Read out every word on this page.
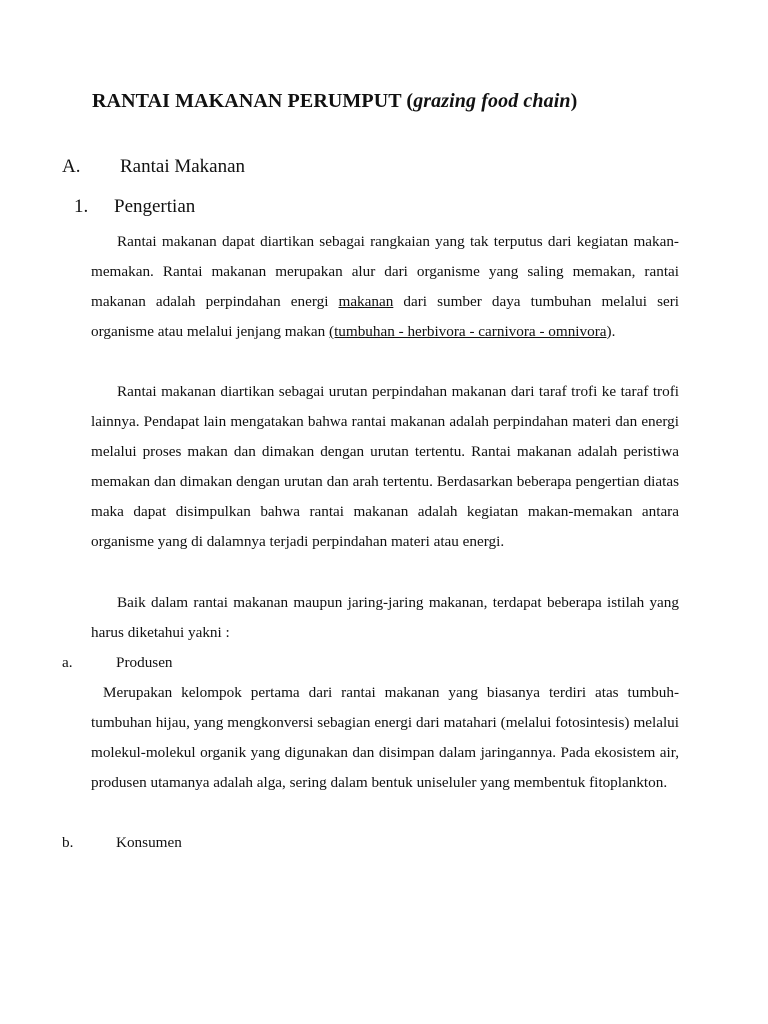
RANTAI MAKANAN PERUMPUT (grazing food chain)
A. Rantai Makanan
1. Pengertian

Rantai makanan dapat diartikan sebagai rangkaian yang tak terputus dari kegiatan makan-memakan. Rantai makanan merupakan alur dari organisme yang saling memakan, rantai makanan adalah perpindahan energi makanan dari sumber daya tumbuhan melalui seri organisme atau melalui jenjang makan (tumbuhan - herbivora - carnivora - omnivora).

Rantai makanan diartikan sebagai urutan perpindahan makanan dari taraf trofi ke taraf trofi lainnya. Pendapat lain mengatakan bahwa rantai makanan adalah perpindahan materi dan energi melalui proses makan dan dimakan dengan urutan tertentu. Rantai makanan adalah peristiwa memakan dan dimakan dengan urutan dan arah tertentu. Berdasarkan beberapa pengertian diatas maka dapat disimpulkan bahwa rantai makanan adalah kegiatan makan-memakan antara organisme yang di dalamnya terjadi perpindahan materi atau energi.

Baik dalam rantai makanan maupun jaring-jaring makanan, terdapat beberapa istilah yang harus diketahui yakni :

a.	Produsen

Merupakan kelompok pertama dari rantai makanan yang biasanya terdiri atas tumbuh-tumbuhan hijau, yang mengkonversi sebagian energi dari matahari (melalui fotosintesis) melalui molekul-molekul organik yang digunakan dan disimpan dalam jaringannya. Pada ekosistem air, produsen utamanya adalah alga, sering dalam bentuk uniseluler yang membentuk fitoplankton.

b.	Konsumen
